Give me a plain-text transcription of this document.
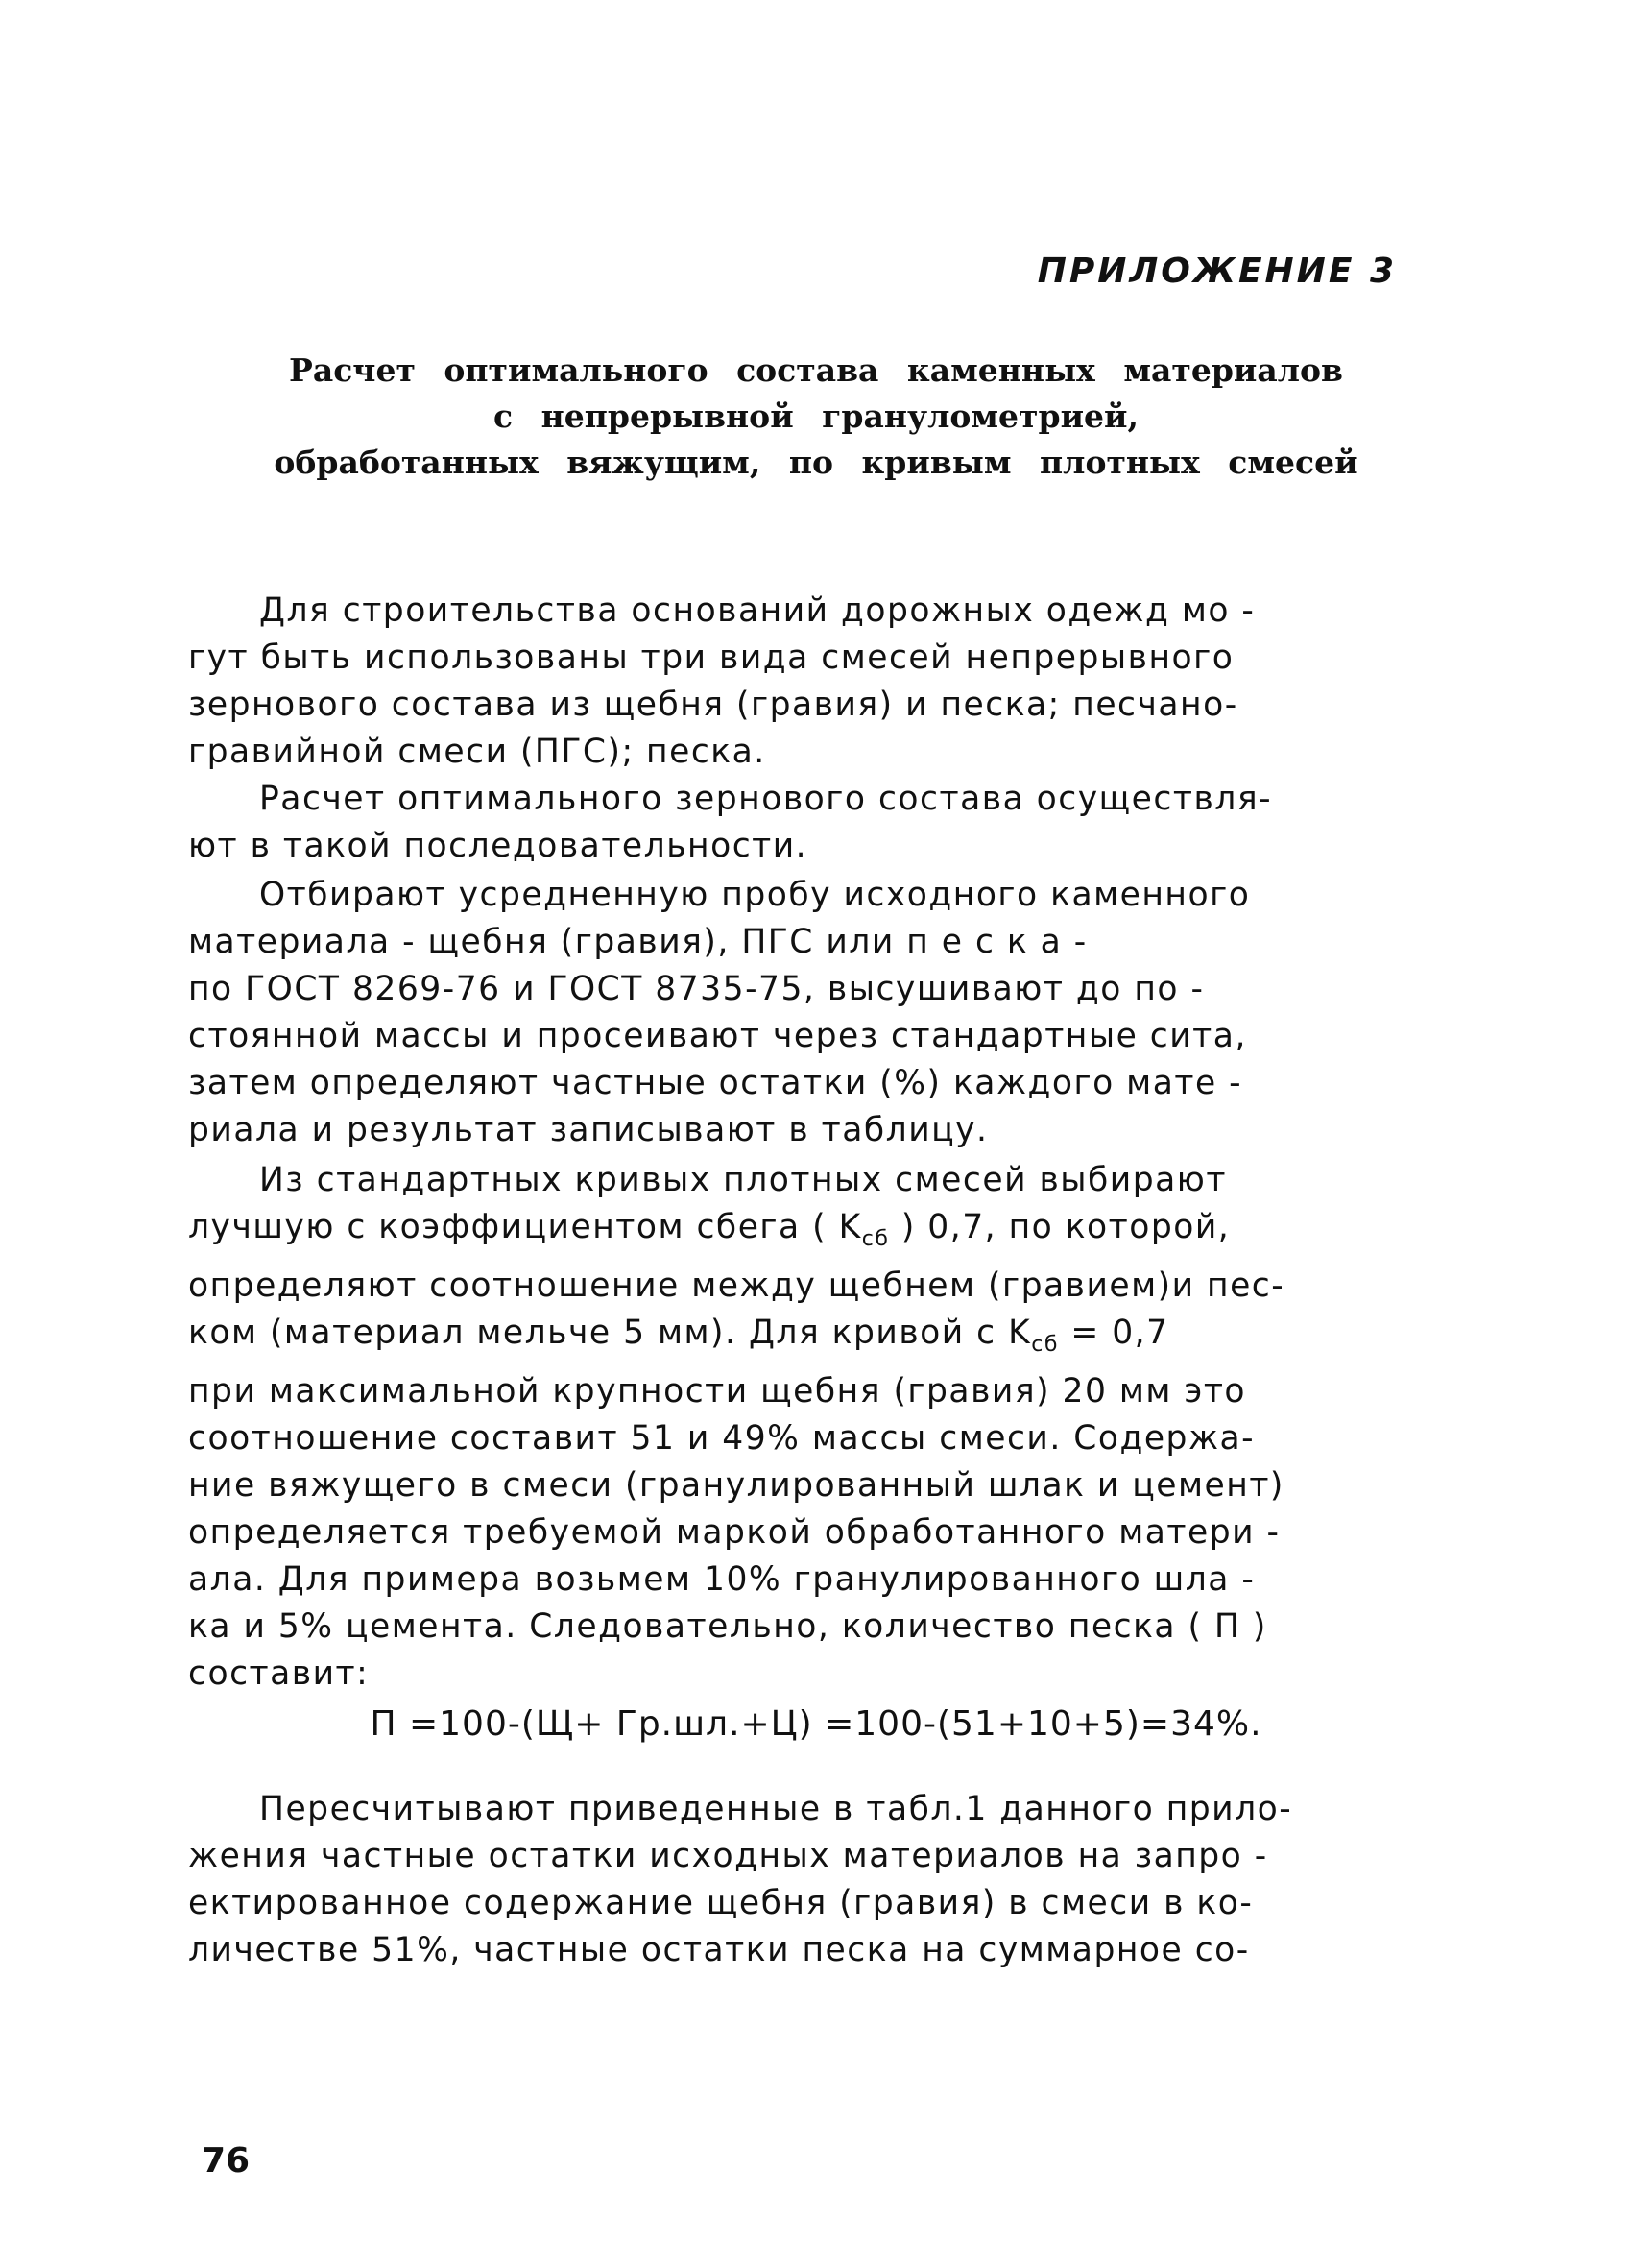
ПРИЛОЖЕНИЕ 3
Расчет оптимального состава каменных материалов
с непрерывной гранулометрией,
обработанных вяжущим, по кривым плотных смесей
Для строительства оснований дорожных одежд мо -
гут быть использованы три вида смесей непрерывного
зернового состава из щебня (гравия) и песка; песчано-
гравийной смеси (ПГС); песка.
Расчет оптимального зернового состава осуществля-
ют в такой последовательности.
Отбирают усредненную пробу исходного каменного
материала - щебня (гравия), ПГС или п е с к а -
по ГОСТ 8269-76 и ГОСТ 8735-75, высушивают до по -
стоянной массы и просеивают через стандартные сита,
затем определяют частные остатки (%) каждого мате -
риала и результат записывают в таблицу.
Из стандартных кривых плотных смесей выбирают
лучшую с коэффициентом сбега ( $K_{сб}$ ) 0,7, по которой,
определяют соотношение между щебнем (гравием)и пес-
ком (материал мельче 5 мм). Для кривой с $K_{сб} = 0,7$
при максимальной крупности щебня (гравия) 20 мм это
соотношение составит 51 и 49% массы смеси. Содержа-
ние вяжущего в смеси (гранулированный шлак и цемент)
определяется требуемой маркой обработанного матери -
ала. Для примера возьмем 10% гранулированного шла -
ка и 5% цемента. Следовательно, количество песка ( П )
составит:
П =100-(Щ+ Гр.шл.+Ц) =100-(51+10+5)=34%.
Пересчитывают приведенные в табл.1 данного прило-
жения частные остатки исходных материалов на запро -
ектированное содержание щебня (гравия) в смеси в ко-
личестве 51%, частные остатки песка на суммарное со-
76
